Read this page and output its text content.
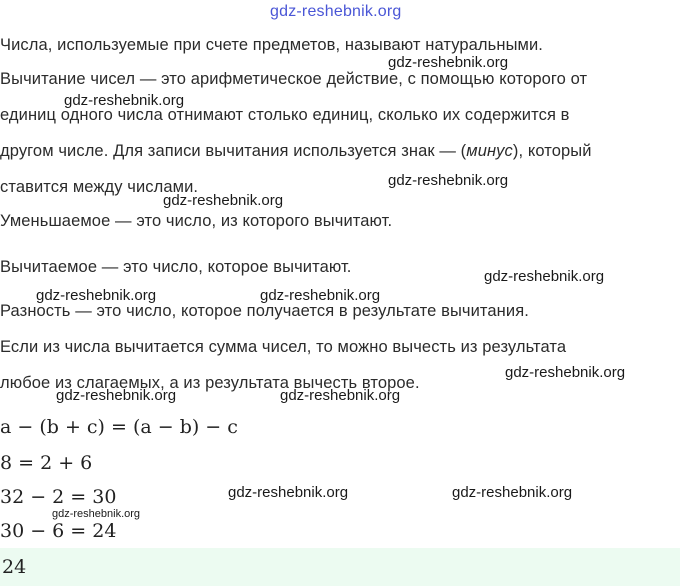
gdz-reshebnik.org
Числа, используемые при счете предметов, называют натуральными.
Вычитание чисел — это арифметическое действие, с помощью которого от
единиц одного числа отнимают столько единиц, сколько их содержится в
другом числе. Для записи вычитания используется знак — (минус), который
ставится между числами.
Уменьшаемое — это число, из которого вычитают.
Вычитаемое — это число, которое вычитают.
Разность — это число, которое получается в результате вычитания.
Если из числа вычитается сумма чисел, то можно вычесть из результата
любое из слагаемых, а из результата вычесть второе.
a − (b + c) = (a − b) − c
8 = 2 + 6
32 − 2 = 30
30 − 6 = 24
24
gdz-reshebnik.org
gdz-reshebnik.org
gdz-reshebnik.org
gdz-reshebnik.org
gdz-reshebnik.org
gdz-reshebnik.org	gdz-reshebnik.org
gdz-reshebnik.org
gdz-reshebnik.org	gdz-reshebnik.org
gdz-reshebnik.org	gdz-reshebnik.org
gdz-reshebnik.org
